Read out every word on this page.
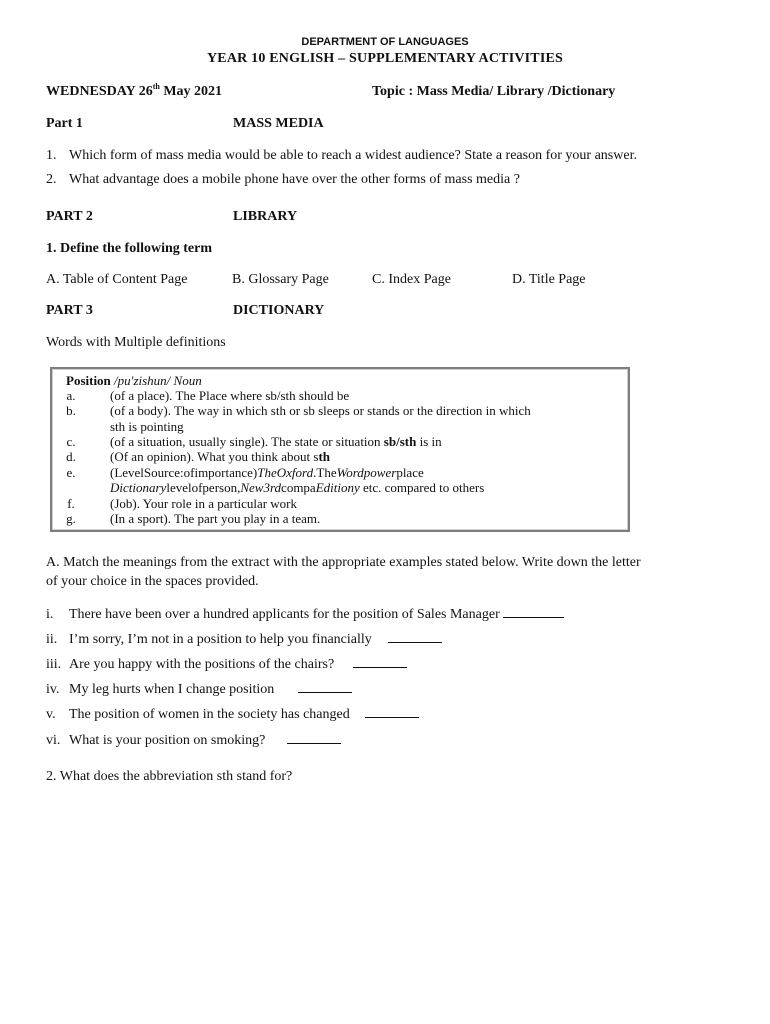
DEPARTMENT OF LANGUAGES
YEAR 10 ENGLISH – SUPPLEMENTARY ACTIVITIES
WEDNESDAY 26th May 2021	Topic : Mass Media/ Library /Dictionary
Part 1	MASS MEDIA
1. Which form of mass media would be able to reach a widest audience? State a reason for your answer.
2. What advantage does a mobile phone have over the other forms of mass media ?
PART 2	LIBRARY
1. Define the following term
A. Table of Content Page	B. Glossary Page	C. Index Page	D. Title Page
PART 3	DICTIONARY
Words with Multiple definitions
Position /pu'zishun/ Noun
a.	(of a place). The Place where sb/sth should be
b.	(of a body). The way in which sth or sb sleeps or stands or the direction in which
sth is pointing
c.	(of a situation, usually single). The state or situation sb/sth is in
d.	(Of an opinion). What you think about sth
e.	(LevelSource:ofimportance)TheOxford.TheWordpowerplace
Dictionarylevelofperson,New3rdcompaEditiony etc. compared to others
f.	(Job). Your role in a particular work
g.	(In a sport). The part you play in a team.
A. Match the meanings from the extract with the appropriate examples stated below. Write down the letter
of your choice in the spaces provided.
i. There have been over a hundred applicants for the position of Sales Manager
ii. I’m sorry, I’m not in a position to help you financially
iii. Are you happy with the positions of the chairs?
iv. My leg hurts when I change position
v. The position of women in the society has changed
vi. What is your position on smoking?
2. What does the abbreviation sth stand for?
